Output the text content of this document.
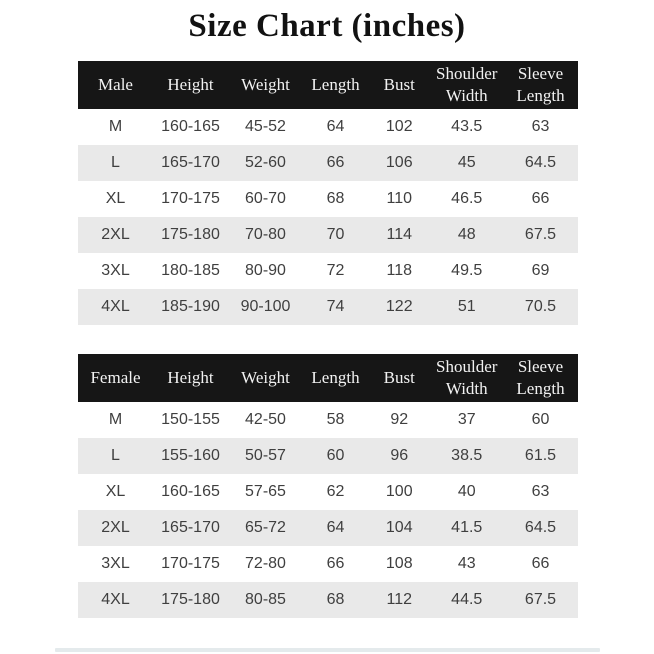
Size Chart (inches)
Male	Height	Weight	Length	Bust	Shoulder Width	Sleeve Length
M	160-165	45-52	64	102	43.5	63
L	165-170	52-60	66	106	45	64.5
XL	170-175	60-70	68	110	46.5	66
2XL	175-180	70-80	70	114	48	67.5
3XL	180-185	80-90	72	118	49.5	69
4XL	185-190	90-100	74	122	51	70.5
Female	Height	Weight	Length	Bust	Shoulder Width	Sleeve Length
M	150-155	42-50	58	92	37	60
L	155-160	50-57	60	96	38.5	61.5
XL	160-165	57-65	62	100	40	63
2XL	165-170	65-72	64	104	41.5	64.5
3XL	170-175	72-80	66	108	43	66
4XL	175-180	80-85	68	112	44.5	67.5
